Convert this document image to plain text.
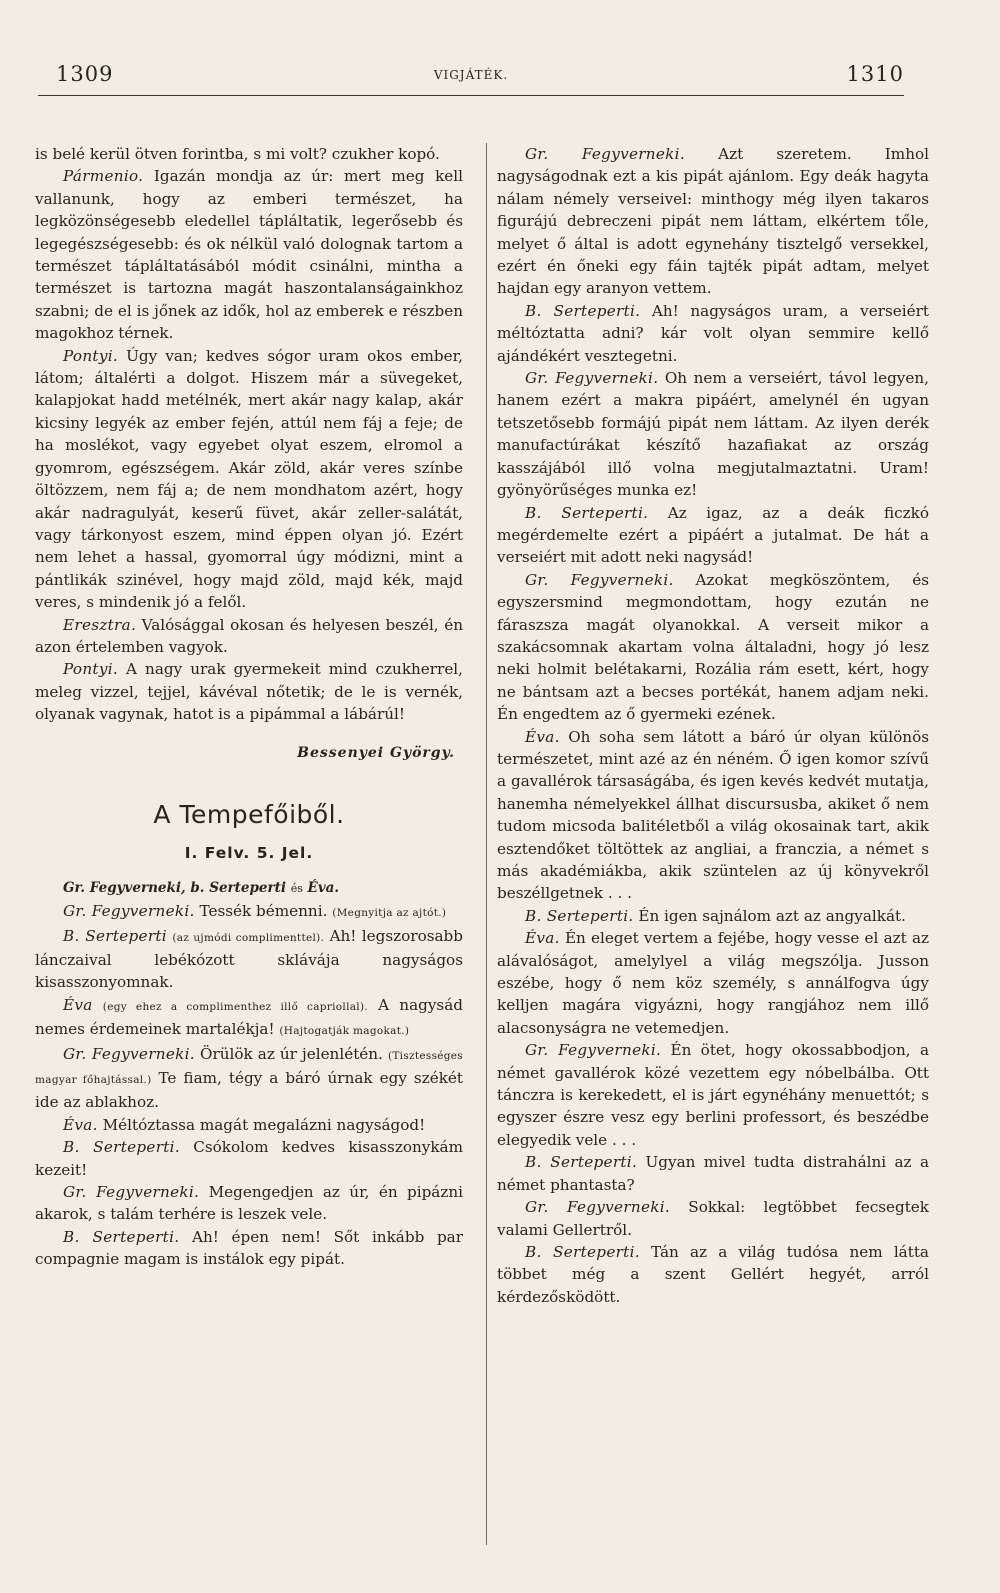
1309	VIGJÁTÉK.	1310

is belé kerül ötven forintba, s mi volt? czukher kopó.

Pármenio. Igazán mondja az úr: mert meg kell vallanunk, hogy az emberi természet, ha legközönségesebb eledellel tápláltatik, legerősebb és legegészségesebb: és ok nélkül való dolognak tartom a természet tápláltatásából módit csinálni, mintha a természet is tartozna magát haszontalanságainkhoz szabni; de el is jőnek az idők, hol az emberek e részben magokhoz térnek.

Pontyi. Úgy van; kedves sógor uram okos ember, látom; általérti a dolgot. Hiszem már a süvegeket, kalapjokat hadd metélnék, mert akár nagy kalap, akár kicsiny legyék az ember fején, attúl nem fáj a feje; de ha moslékot, vagy egyebet olyat eszem, elromol a gyomrom, egészségem. Akár zöld, akár veres színbe öltözzem, nem fáj a; de nem mondhatom azért, hogy akár nadragulyát, keserű füvet, akár zeller-salátát, vagy tárkonyost eszem, mind éppen olyan jó. Ezért nem lehet a hassal, gyomorral úgy módizni, mint a pántlikák szinével, hogy majd zöld, majd kék, majd veres, s mindenik jó a felől.

Eresztra. Valósággal okosan és helyesen beszél, én azon értelemben vagyok.

Pontyi. A nagy urak gyermekeit mind czukherrel, meleg vizzel, tejjel, kávéval nőtetik; de le is vernék, olyanak vagynak, hatot is a pipámmal a lábárúl!

Bessenyei György.

A Tempefőiből.

I. Felv. 5. Jel.

Gr. Fegyverneki, b. Serteperti és Éva.

Gr. Fegyverneki. Tessék bémenni. (Megnyitja az ajtót.)

B. Serteperti (az ujmódi complimenttel). Ah! legszorosabb lánczaival lebékózott sklávája nagyságos kisasszonyomnak.

Éva (egy ehez a complimenthez illő capriollal). A nagysád nemes érdemeinek martalékja! (Hajtogatják magokat.)

Gr. Fegyverneki. Örülök az úr jelenlétén. (Tisztességes magyar főhajtással.) Te fiam, tégy a báró úrnak egy székét ide az ablakhoz.

Éva. Méltóztassa magát megalázni nagyságod!

B. Serteperti. Csókolom kedves kisasszonykám kezeit!

Gr. Fegyverneki. Megengedjen az úr, én pipázni akarok, s talám terhére is leszek vele.

B. Serteperti. Ah! épen nem! Sőt inkább par compagnie magam is instálok egy pipát.

Gr. Fegyverneki. Azt szeretem. Imhol nagyságodnak ezt a kis pipát ajánlom. Egy deák hagyta nálam némely verseivel: minthogy még ilyen takaros figurájú debreczeni pipát nem láttam, elkértem tőle, melyet ő által is adott egynehány tisztelgő versekkel, ezért én őneki egy fáin tajték pipát adtam, melyet hajdan egy aranyon vettem.

B. Serteperti. Ah! nagyságos uram, a verseiért méltóztatta adni? kár volt olyan semmire kellő ajándékért vesztegetni.

Gr. Fegyverneki. Oh nem a verseiért, távol legyen, hanem ezért a makra pipáért, amelynél én ugyan tetszetősebb formájú pipát nem láttam. Az ilyen derék manufactúrákat készítő hazafiakat az ország kasszájából illő volna megjutalmaztatni. Uram! gyönyörűséges munka ez!

B. Serteperti. Az igaz, az a deák ficzkó megérdemelte ezért a pipáért a jutalmat. De hát a verseiért mit adott neki nagysád!

Gr. Fegyverneki. Azokat megköszöntem, és egyszersmind megmondottam, hogy ezután ne fáraszsza magát olyanokkal. A verseit mikor a szakácsomnak akartam volna általadni, hogy jó lesz neki holmit belétakarni, Rozália rám esett, kért, hogy ne bántsam azt a becses portékát, hanem adjam neki. Én engedtem az ő gyermeki ezének.

Éva. Oh soha sem látott a báró úr olyan különös természetet, mint azé az én néném. Ő igen komor szívű a gavallérok társaságába, és igen kevés kedvét mutatja, hanemha némelyekkel állhat discursusba, akiket ő nem tudom micsoda balitéletből a világ okosainak tart, akik esztendőket töltöttek az angliai, a franczia, a német s más akadémiákba, akik szüntelen az új könyvekről beszéllgetnek . . .

B. Serteperti. Én igen sajnálom azt az angyalkát.

Éva. Én eleget vertem a fejébe, hogy vesse el azt az alávalóságot, amelylyel a világ megszólja. Jusson eszébe, hogy ő nem köz személy, s annálfogva úgy kelljen magára vigyázni, hogy rangjához nem illő alacsonyságra ne vetemedjen.

Gr. Fegyverneki. Én ötet, hogy okossabbodjon, a német gavallérok közé vezettem egy nóbelbálba. Ott tánczra is kerekedett, el is járt egynéhány menuettót; s egyszer észre vesz egy berlini professort, és beszédbe elegyedik vele . . .

B. Serteperti. Ugyan mivel tudta distrahálni az a német phantasta?

Gr. Fegyverneki. Sokkal: legtöbbet fecsegtek valami Gellertről.

B. Serteperti. Tán az a világ tudósa nem látta többet még a szent Gellért hegyét, arról kérdezősködött.
